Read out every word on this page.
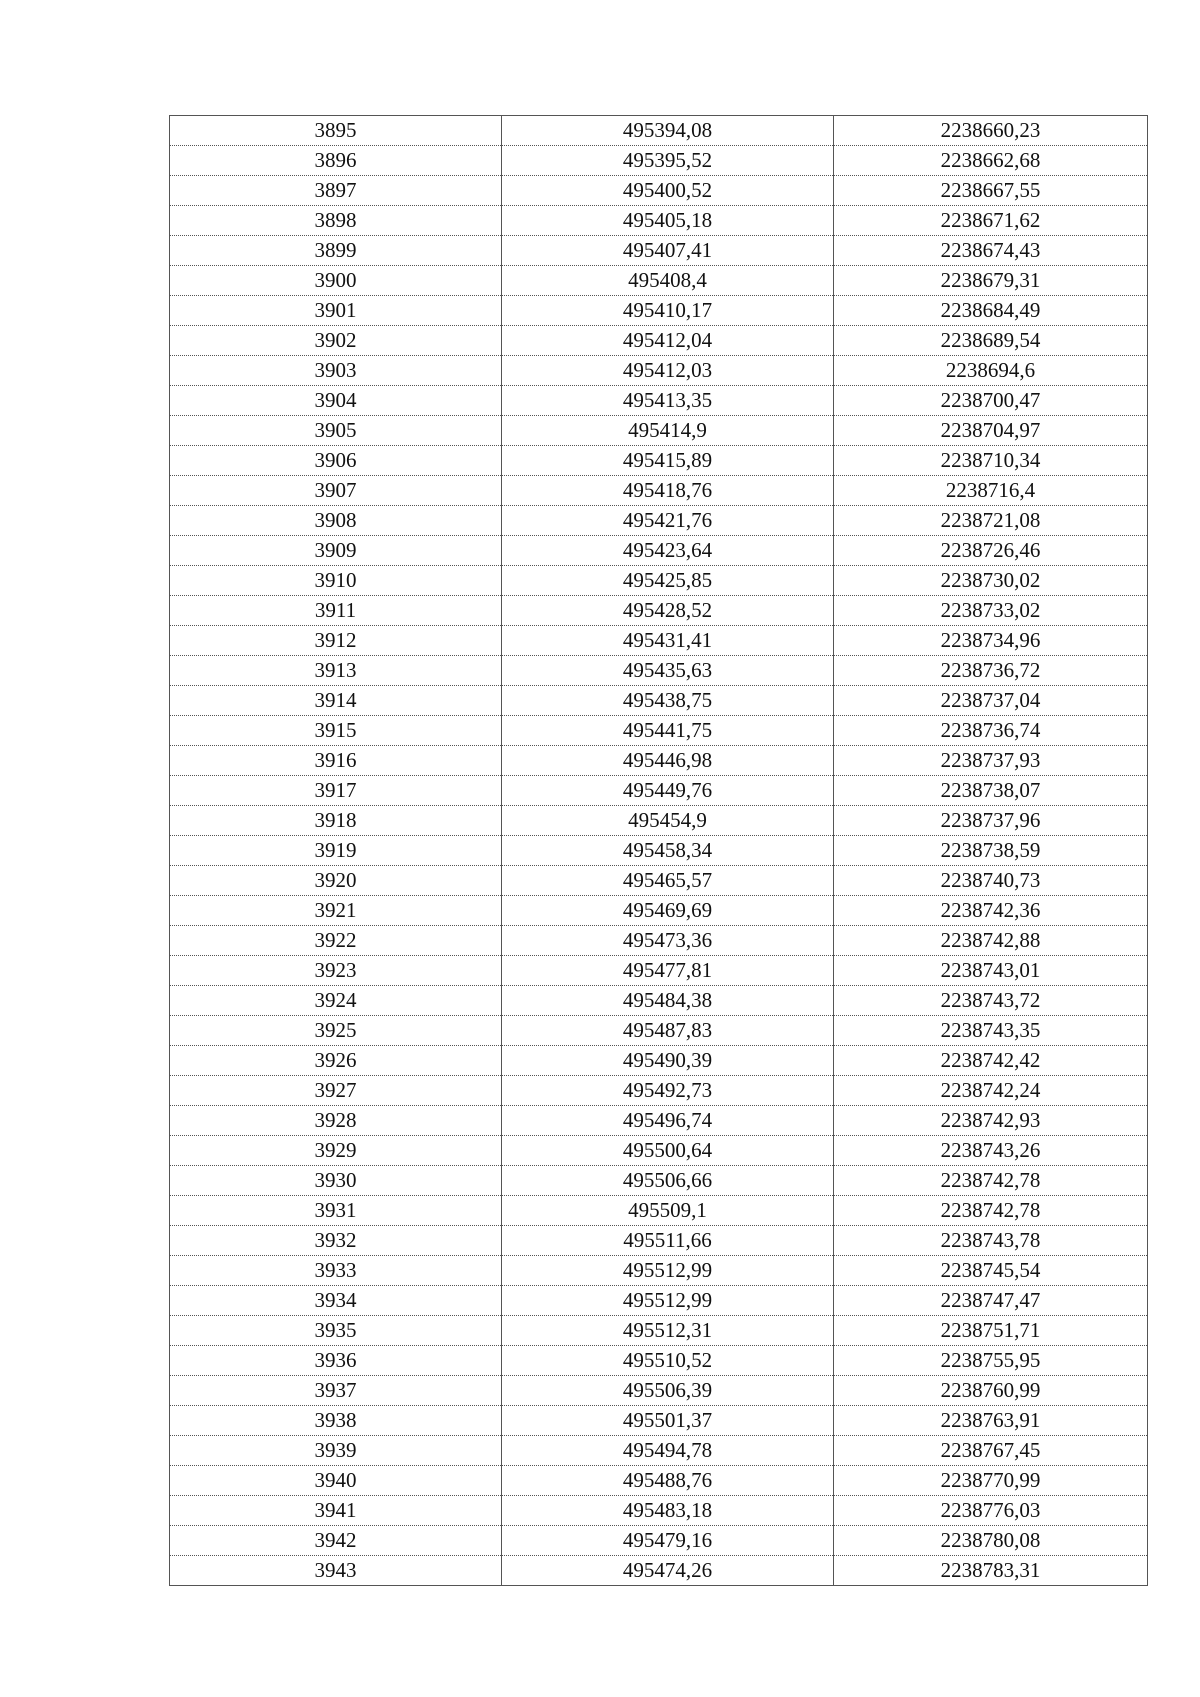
3895	495394,08	2238660,23
3896	495395,52	2238662,68
3897	495400,52	2238667,55
3898	495405,18	2238671,62
3899	495407,41	2238674,43
3900	495408,4	2238679,31
3901	495410,17	2238684,49
3902	495412,04	2238689,54
3903	495412,03	2238694,6
3904	495413,35	2238700,47
3905	495414,9	2238704,97
3906	495415,89	2238710,34
3907	495418,76	2238716,4
3908	495421,76	2238721,08
3909	495423,64	2238726,46
3910	495425,85	2238730,02
3911	495428,52	2238733,02
3912	495431,41	2238734,96
3913	495435,63	2238736,72
3914	495438,75	2238737,04
3915	495441,75	2238736,74
3916	495446,98	2238737,93
3917	495449,76	2238738,07
3918	495454,9	2238737,96
3919	495458,34	2238738,59
3920	495465,57	2238740,73
3921	495469,69	2238742,36
3922	495473,36	2238742,88
3923	495477,81	2238743,01
3924	495484,38	2238743,72
3925	495487,83	2238743,35
3926	495490,39	2238742,42
3927	495492,73	2238742,24
3928	495496,74	2238742,93
3929	495500,64	2238743,26
3930	495506,66	2238742,78
3931	495509,1	2238742,78
3932	495511,66	2238743,78
3933	495512,99	2238745,54
3934	495512,99	2238747,47
3935	495512,31	2238751,71
3936	495510,52	2238755,95
3937	495506,39	2238760,99
3938	495501,37	2238763,91
3939	495494,78	2238767,45
3940	495488,76	2238770,99
3941	495483,18	2238776,03
3942	495479,16	2238780,08
3943	495474,26	2238783,31
